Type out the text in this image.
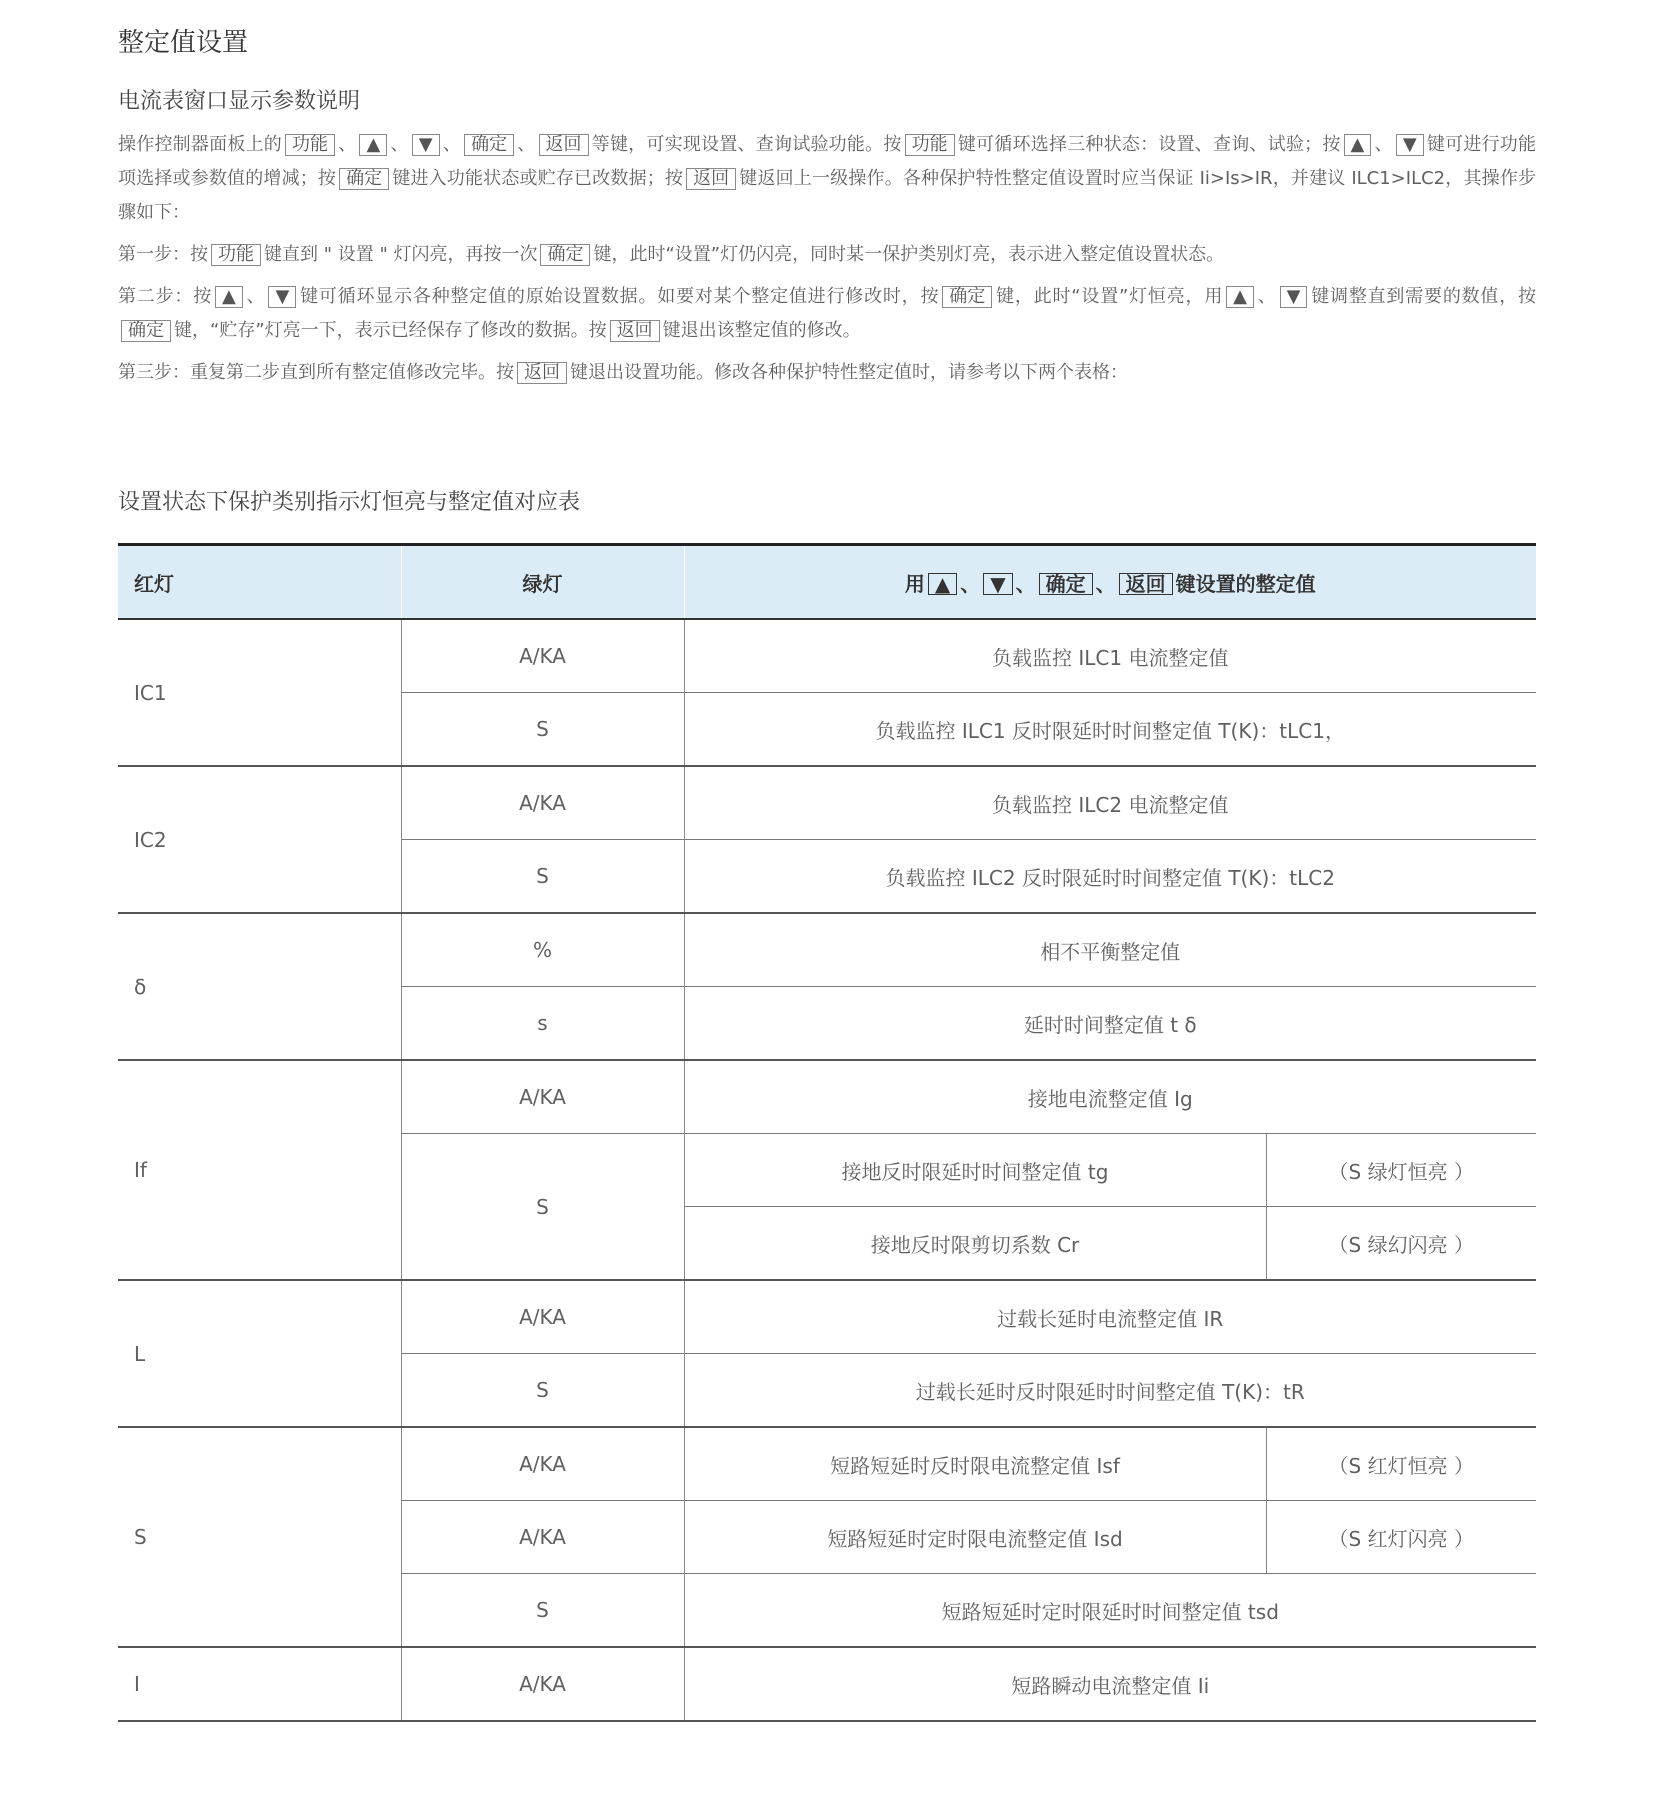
整定值设置
电流表窗口显示参数说明

操作控制器面板上的 功能 、 ▲ 、 ▼ 、 确定 、 返回 等键，可实现设置、查询试验功能。按 功能 键可循环选择三种状态：设置、查询、试验；按 ▲ 、 ▼ 键可进行功能项选择或参数值的增减；按 确定 键进入功能状态或贮存已改数据；按 返回 键返回上一级操作。各种保护特性整定值设置时应当保证 Ii>Is>IR，并建议 ILC1>ILC2，其操作步骤如下：

第一步：按 功能 键直到 " 设置 " 灯闪亮，再按一次 确定 键，此时“设置”灯仍闪亮，同时某一保护类别灯亮，表示进入整定值设置状态。

第二步：按 ▲ 、 ▼ 键可循环显示各种整定值的原始设置数据。如要对某个整定值进行修改时，按 确定 键，此时“设置”灯恒亮，用 ▲ 、 ▼ 键调整直到需要的数值，按确定 键，“贮存”灯亮一下，表示已经保存了修改的数据。按 返回 键退出该整定值的修改。

第三步：重复第二步直到所有整定值修改完毕。按 返回 键退出设置功能。修改各种保护特性整定值时，请参考以下两个表格：

设置状态下保护类别指示灯恒亮与整定值对应表
红灯	绿灯	用 ▲ 、 ▼ 、 确定 、 返回 键设置的整定值	
IC1	A/KA	负载监控 ILC1 电流整定值	
	S	负载监控 ILC1 反时限延时时间整定值 T(K)：tLC1，	
IC2	A/KA	负载监控 ILC2 电流整定值	
	S	负载监控 ILC2 反时限延时时间整定值 T(K)：tLC2	
δ	%	相不平衡整定值	
	s	延时时间整定值 t δ	
If	A/KA	接地电流整定值 Ig	
	S	接地反时限延时时间整定值 tg	（S 绿灯恒亮 ）
		接地反时限剪切系数 Cr	（S 绿幻闪亮 ）
L	A/KA	过载长延时电流整定值 IR	
	S	过载长延时反时限延时时间整定值 T(K)：tR	
S	A/KA	短路短延时反时限电流整定值 Isf	（S 红灯恒亮 ）
	A/KA	短路短延时定时限电流整定值 Isd	（S 红灯闪亮 ）
	S	短路短延时定时限延时时间整定值 tsd	
I	A/KA	短路瞬动电流整定值 Ii	
